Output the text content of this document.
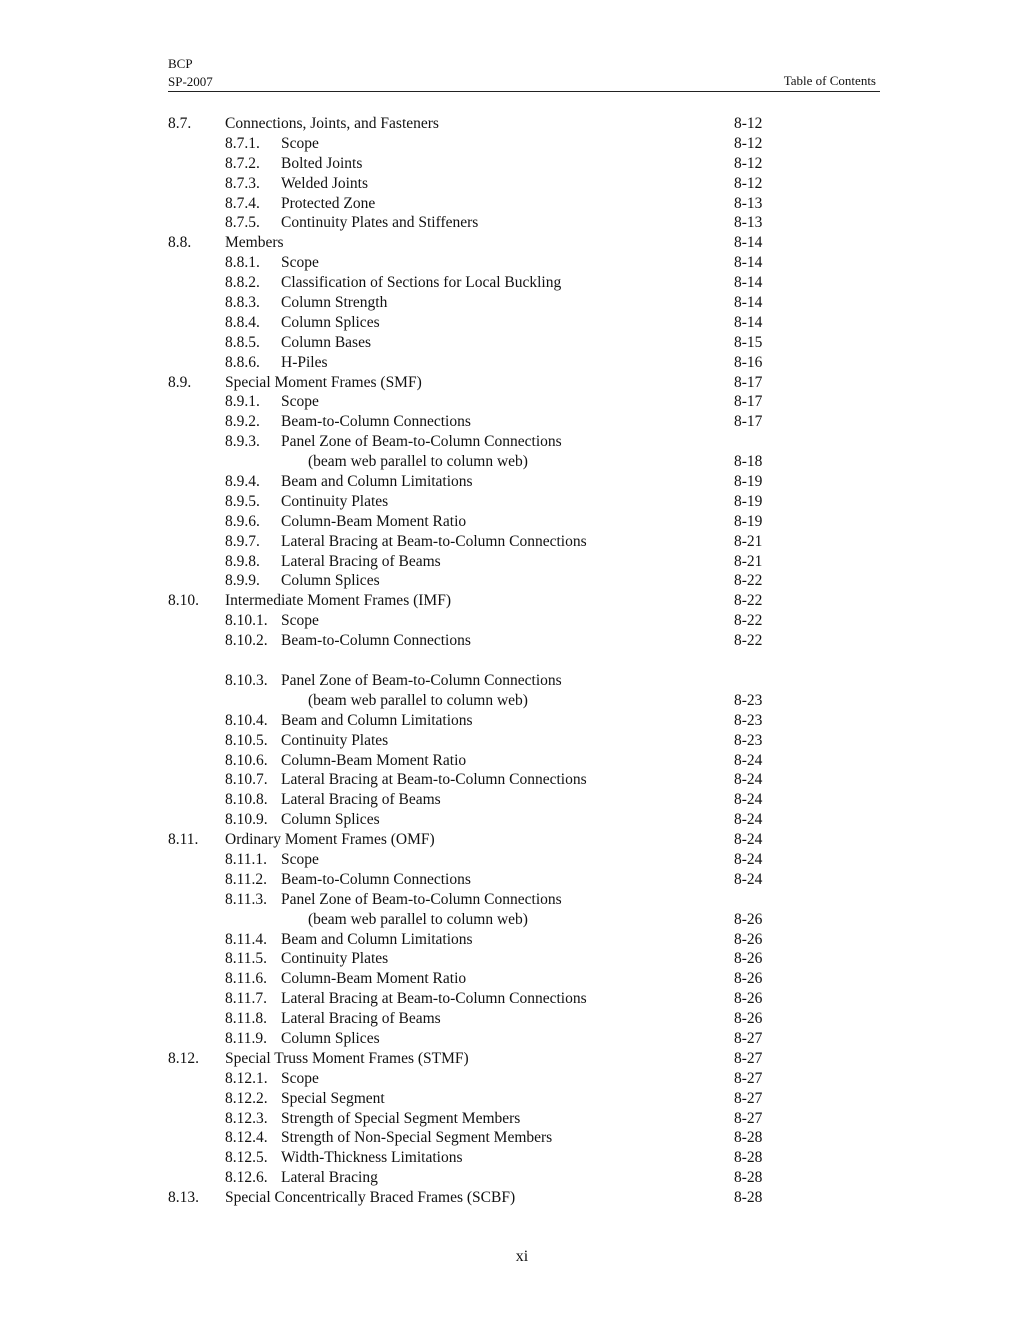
BCP
SP-2007	Table of Contents
8.7. Connections, Joints, and Fasteners	8-12
8.7.1. Scope	8-12
8.7.2. Bolted Joints	8-12
8.7.3. Welded Joints	8-12
8.7.4. Protected Zone	8-13
8.7.5. Continuity Plates and Stiffeners	8-13
8.8. Members	8-14
8.8.1. Scope	8-14
8.8.2. Classification of Sections for Local Buckling	8-14
8.8.3. Column Strength	8-14
8.8.4. Column Splices	8-14
8.8.5. Column Bases	8-15
8.8.6. H-Piles	8-16
8.9. Special Moment Frames (SMF)	8-17
8.9.1. Scope	8-17
8.9.2. Beam-to-Column Connections	8-17
8.9.3. Panel Zone of Beam-to-Column Connections
(beam web parallel to column web)	8-18
8.9.4. Beam and Column Limitations	8-19
8.9.5. Continuity Plates	8-19
8.9.6. Column-Beam Moment Ratio	8-19
8.9.7. Lateral Bracing at Beam-to-Column Connections	8-21
8.9.8. Lateral Bracing of Beams	8-21
8.9.9. Column Splices	8-22
8.10. Intermediate Moment Frames (IMF)	8-22
8.10.1. Scope	8-22
8.10.2. Beam-to-Column Connections	8-22
8.10.3. Panel Zone of Beam-to-Column Connections
(beam web parallel to column web)	8-23
8.10.4. Beam and Column Limitations	8-23
8.10.5. Continuity Plates	8-23
8.10.6. Column-Beam Moment Ratio	8-24
8.10.7. Lateral Bracing at Beam-to-Column Connections	8-24
8.10.8. Lateral Bracing of Beams	8-24
8.10.9. Column Splices	8-24
8.11. Ordinary Moment Frames (OMF)	8-24
8.11.1. Scope	8-24
8.11.2. Beam-to-Column Connections	8-24
8.11.3. Panel Zone of Beam-to-Column Connections
(beam web parallel to column web)	8-26
8.11.4. Beam and Column Limitations	8-26
8.11.5. Continuity Plates	8-26
8.11.6. Column-Beam Moment Ratio	8-26
8.11.7. Lateral Bracing at Beam-to-Column Connections	8-26
8.11.8. Lateral Bracing of Beams	8-26
8.11.9. Column Splices	8-27
8.12. Special Truss Moment Frames (STMF)	8-27
8.12.1. Scope	8-27
8.12.2. Special Segment	8-27
8.12.3. Strength of Special Segment Members	8-27
8.12.4. Strength of Non-Special Segment Members	8-28
8.12.5. Width-Thickness Limitations	8-28
8.12.6. Lateral Bracing	8-28
8.13. Special Concentrically Braced Frames (SCBF)	8-28
xi
